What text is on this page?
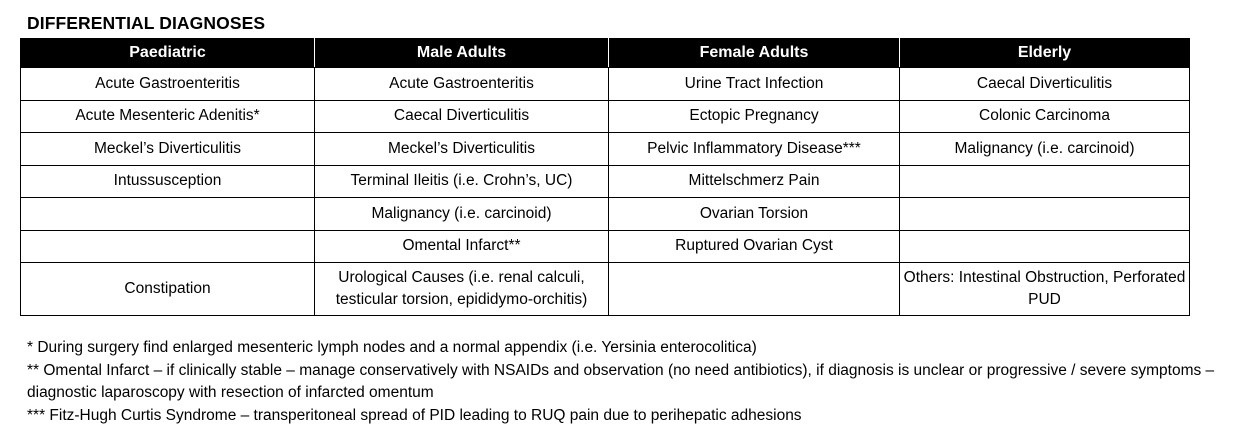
DIFFERENTIAL DIAGNOSES
Paediatric	Male Adults	Female Adults	Elderly
Acute Gastroenteritis	Acute Gastroenteritis	Urine Tract Infection	Caecal Diverticulitis
Acute Mesenteric Adenitis*	Caecal Diverticulitis	Ectopic Pregnancy	Colonic Carcinoma
Meckel’s Diverticulitis	Meckel’s Diverticulitis	Pelvic Inflammatory Disease***	Malignancy (i.e. carcinoid)
Intussusception	Terminal Ileitis (i.e. Crohn’s, UC)	Mittelschmerz Pain	
	Malignancy (i.e. carcinoid)	Ovarian Torsion	
	Omental Infarct**	Ruptured Ovarian Cyst	
Constipation	Urological Causes (i.e. renal calculi, testicular torsion, epididymo-orchitis)		Others: Intestinal Obstruction, Perforated PUD

* During surgery find enlarged mesenteric lymph nodes and a normal appendix (i.e. Yersinia enterocolitica)

** Omental Infarct – if clinically stable – manage conservatively with NSAIDs and observation (no need antibiotics), if diagnosis is unclear or progressive / severe symptoms – diagnostic laparoscopy with resection of infarcted omentum

*** Fitz-Hugh Curtis Syndrome – transperitoneal spread of PID leading to RUQ pain due to perihepatic adhesions
